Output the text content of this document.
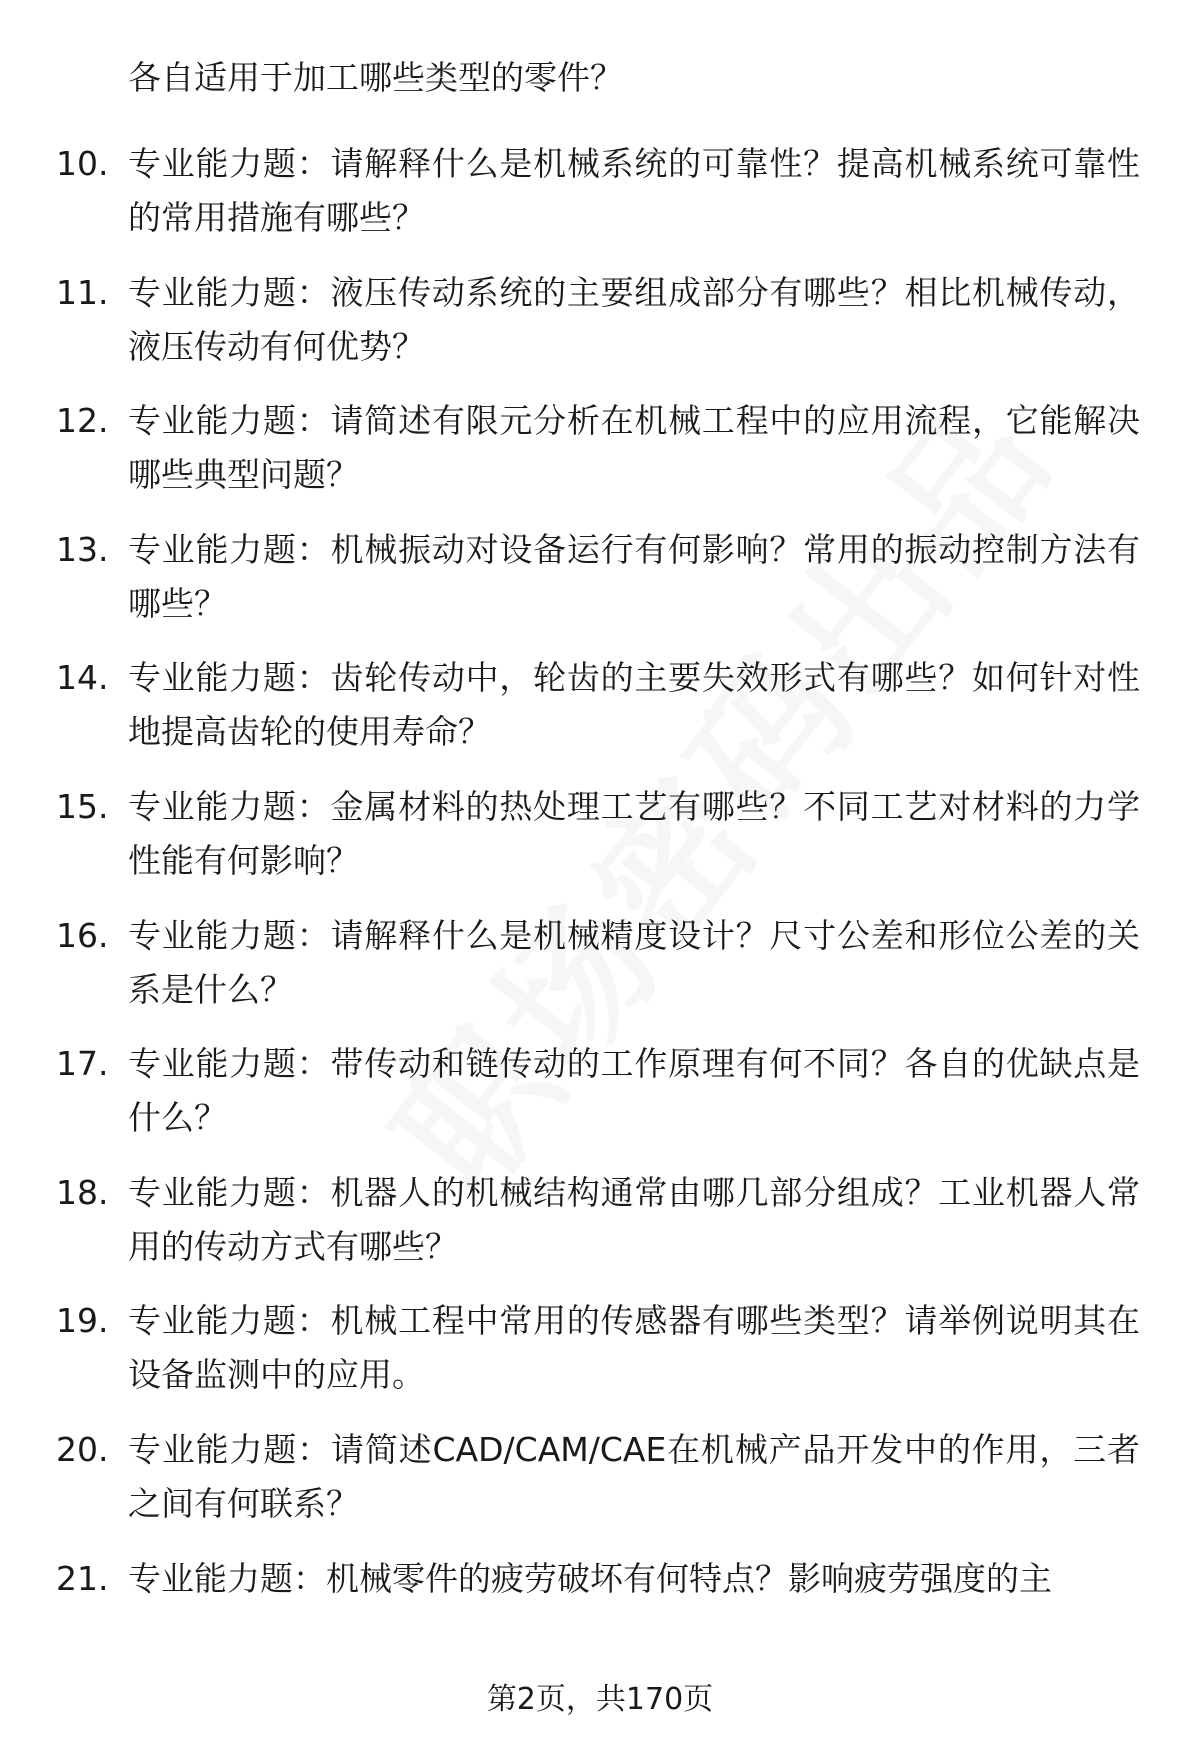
各自适用于加工哪些类型的零件？
10. 专业能力题：请解释什么是机械系统的可靠性？提高机械系统可靠性的常用措施有哪些？
11. 专业能力题：液压传动系统的主要组成部分有哪些？相比机械传动，液压传动有何优势？
12. 专业能力题：请简述有限元分析在机械工程中的应用流程，它能解决哪些典型问题？
13. 专业能力题：机械振动对设备运行有何影响？常用的振动控制方法有哪些？
14. 专业能力题：齿轮传动中，轮齿的主要失效形式有哪些？如何针对性地提高齿轮的使用寿命？
15. 专业能力题：金属材料的热处理工艺有哪些？不同工艺对材料的力学性能有何影响？
16. 专业能力题：请解释什么是机械精度设计？尺寸公差和形位公差的关系是什么？
17. 专业能力题：带传动和链传动的工作原理有何不同？各自的优缺点是什么？
18. 专业能力题：机器人的机械结构通常由哪几部分组成？工业机器人常用的传动方式有哪些？
19. 专业能力题：机械工程中常用的传感器有哪些类型？请举例说明其在设备监测中的应用。
20. 专业能力题：请简述CAD/CAM/CAE在机械产品开发中的作用，三者之间有何联系？
21. 专业能力题：机械零件的疲劳破坏有何特点？影响疲劳强度的主
第2页，共170页
